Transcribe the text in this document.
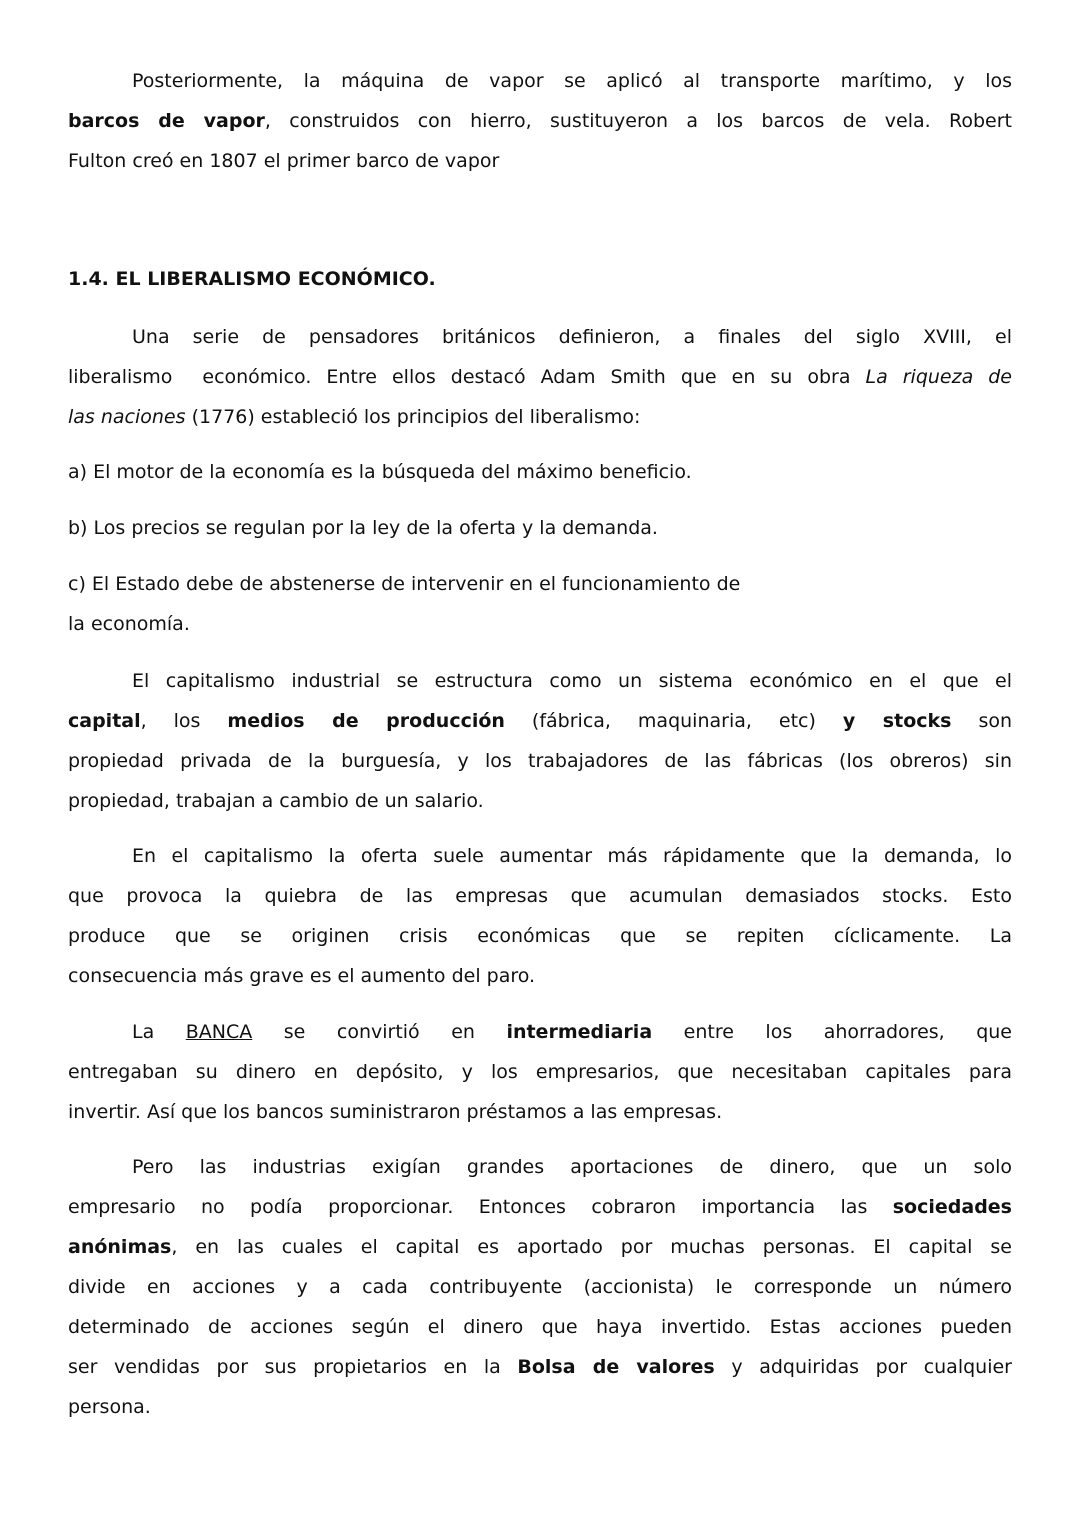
Posteriormente, la máquina de vapor se aplicó al transporte marítimo, y los
barcos de vapor, construidos con hierro, sustituyeron a los barcos de vela. Robert
Fulton creó en 1807 el primer barco de vapor
1.4. EL LIBERALISMO ECONÓMICO.
Una serie de pensadores británicos definieron, a finales del siglo XVIII, el
liberalismo  económico. Entre ellos destacó Adam Smith que en su obra La riqueza de
las naciones (1776) estableció los principios del liberalismo:
a) El motor de la economía es la búsqueda del máximo beneficio.
b) Los precios se regulan por la ley de la oferta y la demanda.
c) El Estado debe de abstenerse de intervenir en el funcionamiento de
la economía.
El capitalismo industrial se estructura como un sistema económico en el que el
capital, los medios de producción (fábrica, maquinaria, etc) y stocks son
propiedad privada de la burguesía, y los trabajadores de las fábricas (los obreros) sin
propiedad, trabajan a cambio de un salario.
En el capitalismo la oferta suele aumentar más rápidamente que la demanda, lo
que provoca la quiebra de las empresas que acumulan demasiados stocks. Esto
produce que se originen crisis económicas que se repiten cíclicamente. La
consecuencia más grave es el aumento del paro.
La BANCA se convirtió en intermediaria entre los ahorradores, que
entregaban su dinero en depósito, y los empresarios, que necesitaban capitales para
invertir. Así que los bancos suministraron préstamos a las empresas.
Pero las industrias exigían grandes aportaciones de dinero, que un solo
empresario no podía proporcionar. Entonces cobraron importancia las sociedades
anónimas, en las cuales el capital es aportado por muchas personas. El capital se
divide en acciones y a cada contribuyente (accionista) le corresponde un número
determinado de acciones según el dinero que haya invertido. Estas acciones pueden
ser vendidas por sus propietarios en la Bolsa de valores y adquiridas por cualquier
persona.
